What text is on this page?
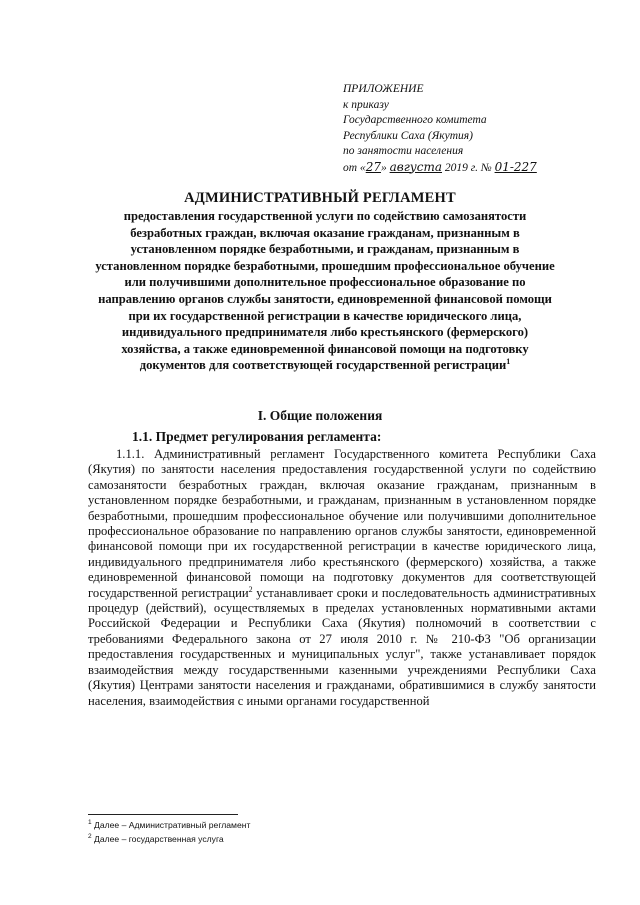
ПРИЛОЖЕНИЕ
к приказу
Государственного комитета
Республики Саха (Якутия)
по занятости населения
от «27» августа 2019 г. № 01-227
АДМИНИСТРАТИВНЫЙ РЕГЛАМЕНТ
предоставления государственной услуги по содействию самозанятости безработных граждан, включая оказание гражданам, признанным в установленном порядке безработными, и гражданам, признанным в установленном порядке безработными, прошедшим профессиональное обучение или получившими дополнительное профессиональное образование по направлению органов службы занятости, единовременной финансовой помощи при их государственной регистрации в качестве юридического лица, индивидуального предпринимателя либо крестьянского (фермерского) хозяйства, а также единовременной финансовой помощи на подготовку документов для соответствующей государственной регистрации$^1$
I. Общие положения
1.1. Предмет регулирования регламента:
1.1.1. Административный регламент Государственного комитета Республики Саха (Якутия) по занятости населения предоставления государственной услуги по содействию самозанятости безработных граждан, включая оказание гражданам, признанным в установленном порядке безработными, и гражданам, признанным в установленном порядке безработными, прошедшим профессиональное обучение или получившими дополнительное профессиональное образование по направлению органов службы занятости, единовременной финансовой помощи при их государственной регистрации в качестве юридического лица, индивидуального предпринимателя либо крестьянского (фермерского) хозяйства, а также единовременной финансовой помощи на подготовку документов для соответствующей государственной регистрации$^2$ устанавливает сроки и последовательность административных процедур (действий), осуществляемых в пределах установленных нормативными актами Российской Федерации и Республики Саха (Якутия) полномочий в соответствии с требованиями Федерального закона от 27 июля 2010 г. № 210-ФЗ "Об организации предоставления государственных и муниципальных услуг", также устанавливает порядок взаимодействия между государственными казенными учреждениями Республики Саха (Якутия) Центрами занятости населения и гражданами, обратившимися в службу занятости населения, взаимодействия с иными органами государственной
$^1$ Далее – Административный регламент
$^2$ Далее – государственная услуга
